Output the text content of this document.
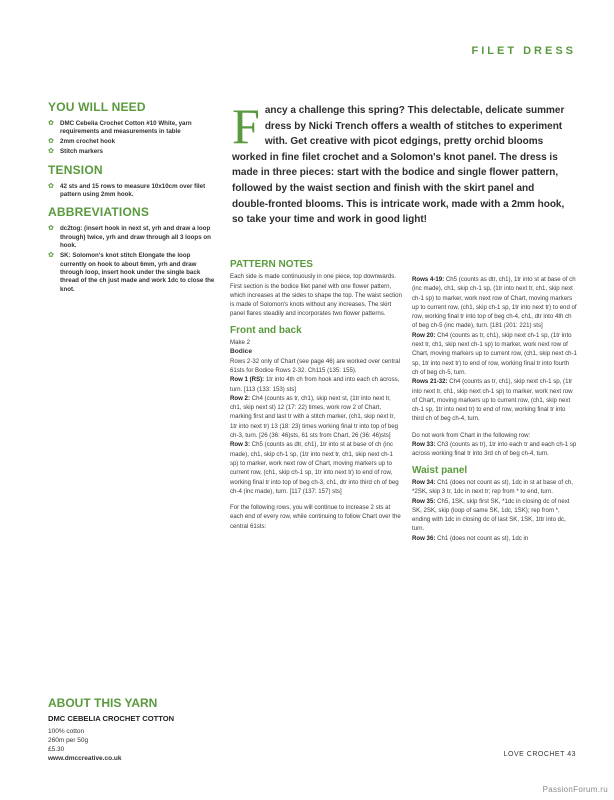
FILET DRESS
YOU WILL NEED
✿ DMC Cebelia Crochet Cotton #10 White, yarn requirements and measurements in table
✿ 2mm crochet hook
✿ Stitch markers
TENSION
✿ 42 sts and 15 rows to measure 10x10cm over filet pattern using 2mm hook.
ABBREVIATIONS
✿ dc2tog: (insert hook in next st, yrh and draw a loop through) twice, yrh and draw through all 3 loops on hook.
✿ SK: Solomon's knot stitch Elongate the loop currently on hook to about 6mm, yrh and draw through loop, insert hook under the single back thread of the ch just made and work 1dc to close the knot.
ABOUT THIS YARN
DMC CEBELIA CROCHET COTTON
100% cotton
260m per 50g
£5.30
www.dmccreative.co.uk
Fancy a challenge this spring? This delectable, delicate summer dress by Nicki Trench offers a wealth of stitches to experiment with. Get creative with picot edgings, pretty orchid blooms worked in fine filet crochet and a Solomon's knot panel. The dress is made in three pieces: start with the bodice and single flower pattern, followed by the waist section and finish with the skirt panel and double-fronted blooms. This is intricate work, made with a 2mm hook, so take your time and work in good light!
PATTERN NOTES

Each side is made continuously in one piece, top downwards. First section is the bodice filet panel with one flower pattern, which increases at the sides to shape the top. The waist section is made of Solomon's knots without any increases. The skirt panel flares steadily and incorporates two flower patterns.

Front and back

Make 2

Bodice

Rows 2-32 only of Chart (see page 46) are worked over central 61sts for Bodice Rows 2-32. Ch115 (135: 155).

Row 1 (RS): 1tr into 4th ch from hook and into each ch across, turn. [113 (133: 153) sts]

Row 2: Ch4 (counts as tr, ch1), skip next st, (1tr into next tr, ch1, skip next st) 12 (17: 22) times, work row 2 of Chart, marking first and last tr with a stitch marker, (ch1, skip next tr, 1tr into next tr) 13 (18: 23) times working final tr into top of beg ch-3, turn. [26 (36: 46)sts, 61 sts from Chart, 26 (36: 46)sts]

Row 3: Ch5 (counts as dtr, ch1), 1tr into st at base of ch (inc made), ch1, skip ch-1 sp, (1tr into next tr, ch1, skip next ch-1 sp) to marker, work next row of Chart, moving markers up to current row, (ch1, skip ch-1 sp, 1tr into next tr) to end of row, working final tr into top of beg ch-3, ch1, dtr into third ch of beg ch-4 (inc made), turn. [117 (137: 157) sts]

For the following rows, you will continue to increase 2 sts at each end of every row, while continuing to follow Chart over the central 61sts:

Rows 4-19: Ch5 (counts as dtr, ch1), 1tr into st at base of ch (inc made), ch1, skip ch-1 sp, (1tr into next tr, ch1, skip next ch-1 sp) to marker, work next row of Chart, moving markers up to current row, (ch1, skip ch-1 sp, 1tr into next tr) to end of row, working final tr into top of beg ch-4, ch1, dtr into 4th ch of beg ch-5 (inc made), turn. [181 (201: 221) sts]

Row 20: Ch4 (counts as tr, ch1), skip next ch-1 sp, (1tr into next tr, ch1, skip next ch-1 sp) to marker, work next row of Chart, moving markers up to current row, (ch1, skip next ch-1 sp, 1tr into next tr) to end of row, working final tr into fourth ch of beg ch-5, turn.

Rows 21-32: Ch4 (counts as tr, ch1), skip next ch-1 sp, (1tr into next tr, ch1, skip next ch-1 sp) to marker, work next row of Chart, moving markers up to current row, (ch1, skip next ch-1 sp, 1tr into next tr) to end of row, working final tr into third ch of beg ch-4, turn.

Do not work from Chart in the following row:

Row 33: Ch3 (counts as tr), 1tr into each tr and each ch-1 sp across working final tr into 3rd ch of beg ch-4, turn.

Waist panel

Row 34: Ch1 (does not count as st), 1dc in st at base of ch, *2SK, skip 3 tr, 1dc in next tr; rep from * to end, turn.

Row 35: Ch5, 1SK, skip first SK, *1dc in closing dc of next SK, 2SK, skip (loop of same SK, 1dc, 1SK); rep from *, ending with 1dc in closing dc of last SK, 1SK, 1ttr into dc, turn.

Row 36: Ch1 (does not count as st), 1dc in

LOVE CROCHET 43
PassionForum.ru
